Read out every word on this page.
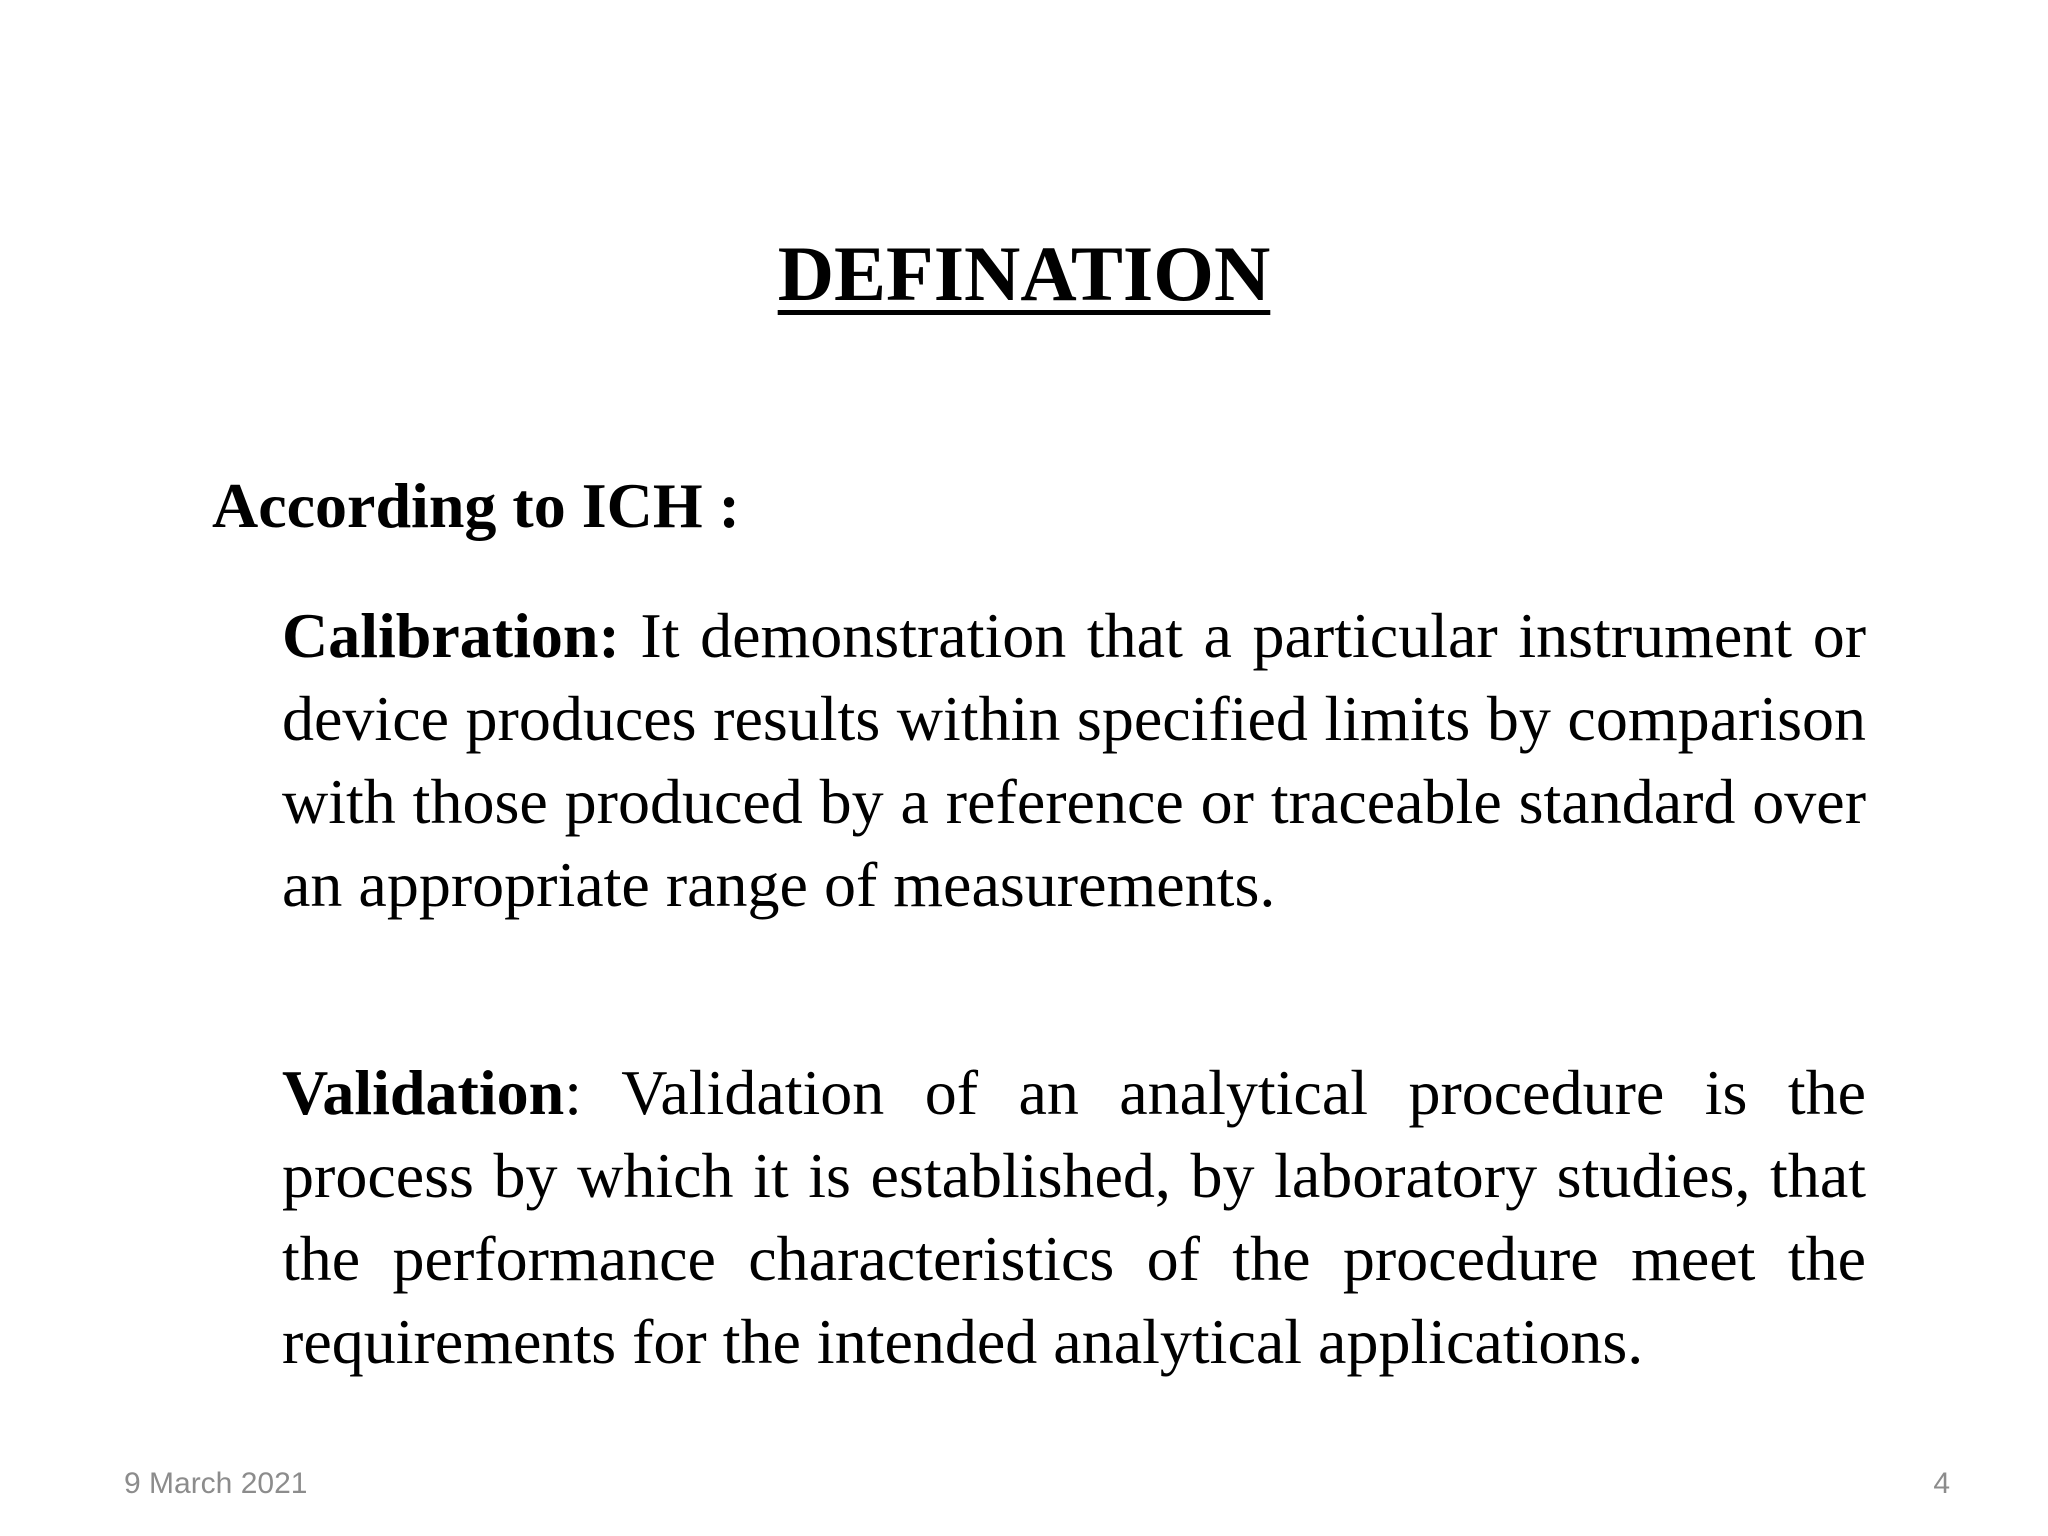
DEFINATION

According to ICH :

Calibration: It demonstration that a particular instrument or device produces results within specified limits by comparison with those produced by a reference or traceable standard over an appropriate range of measurements.

Validation: Validation of an analytical procedure is the process by which it is established, by laboratory studies, that the performance characteristics of the procedure meet the requirements for the intended analytical applications.

9 March 2021	4
